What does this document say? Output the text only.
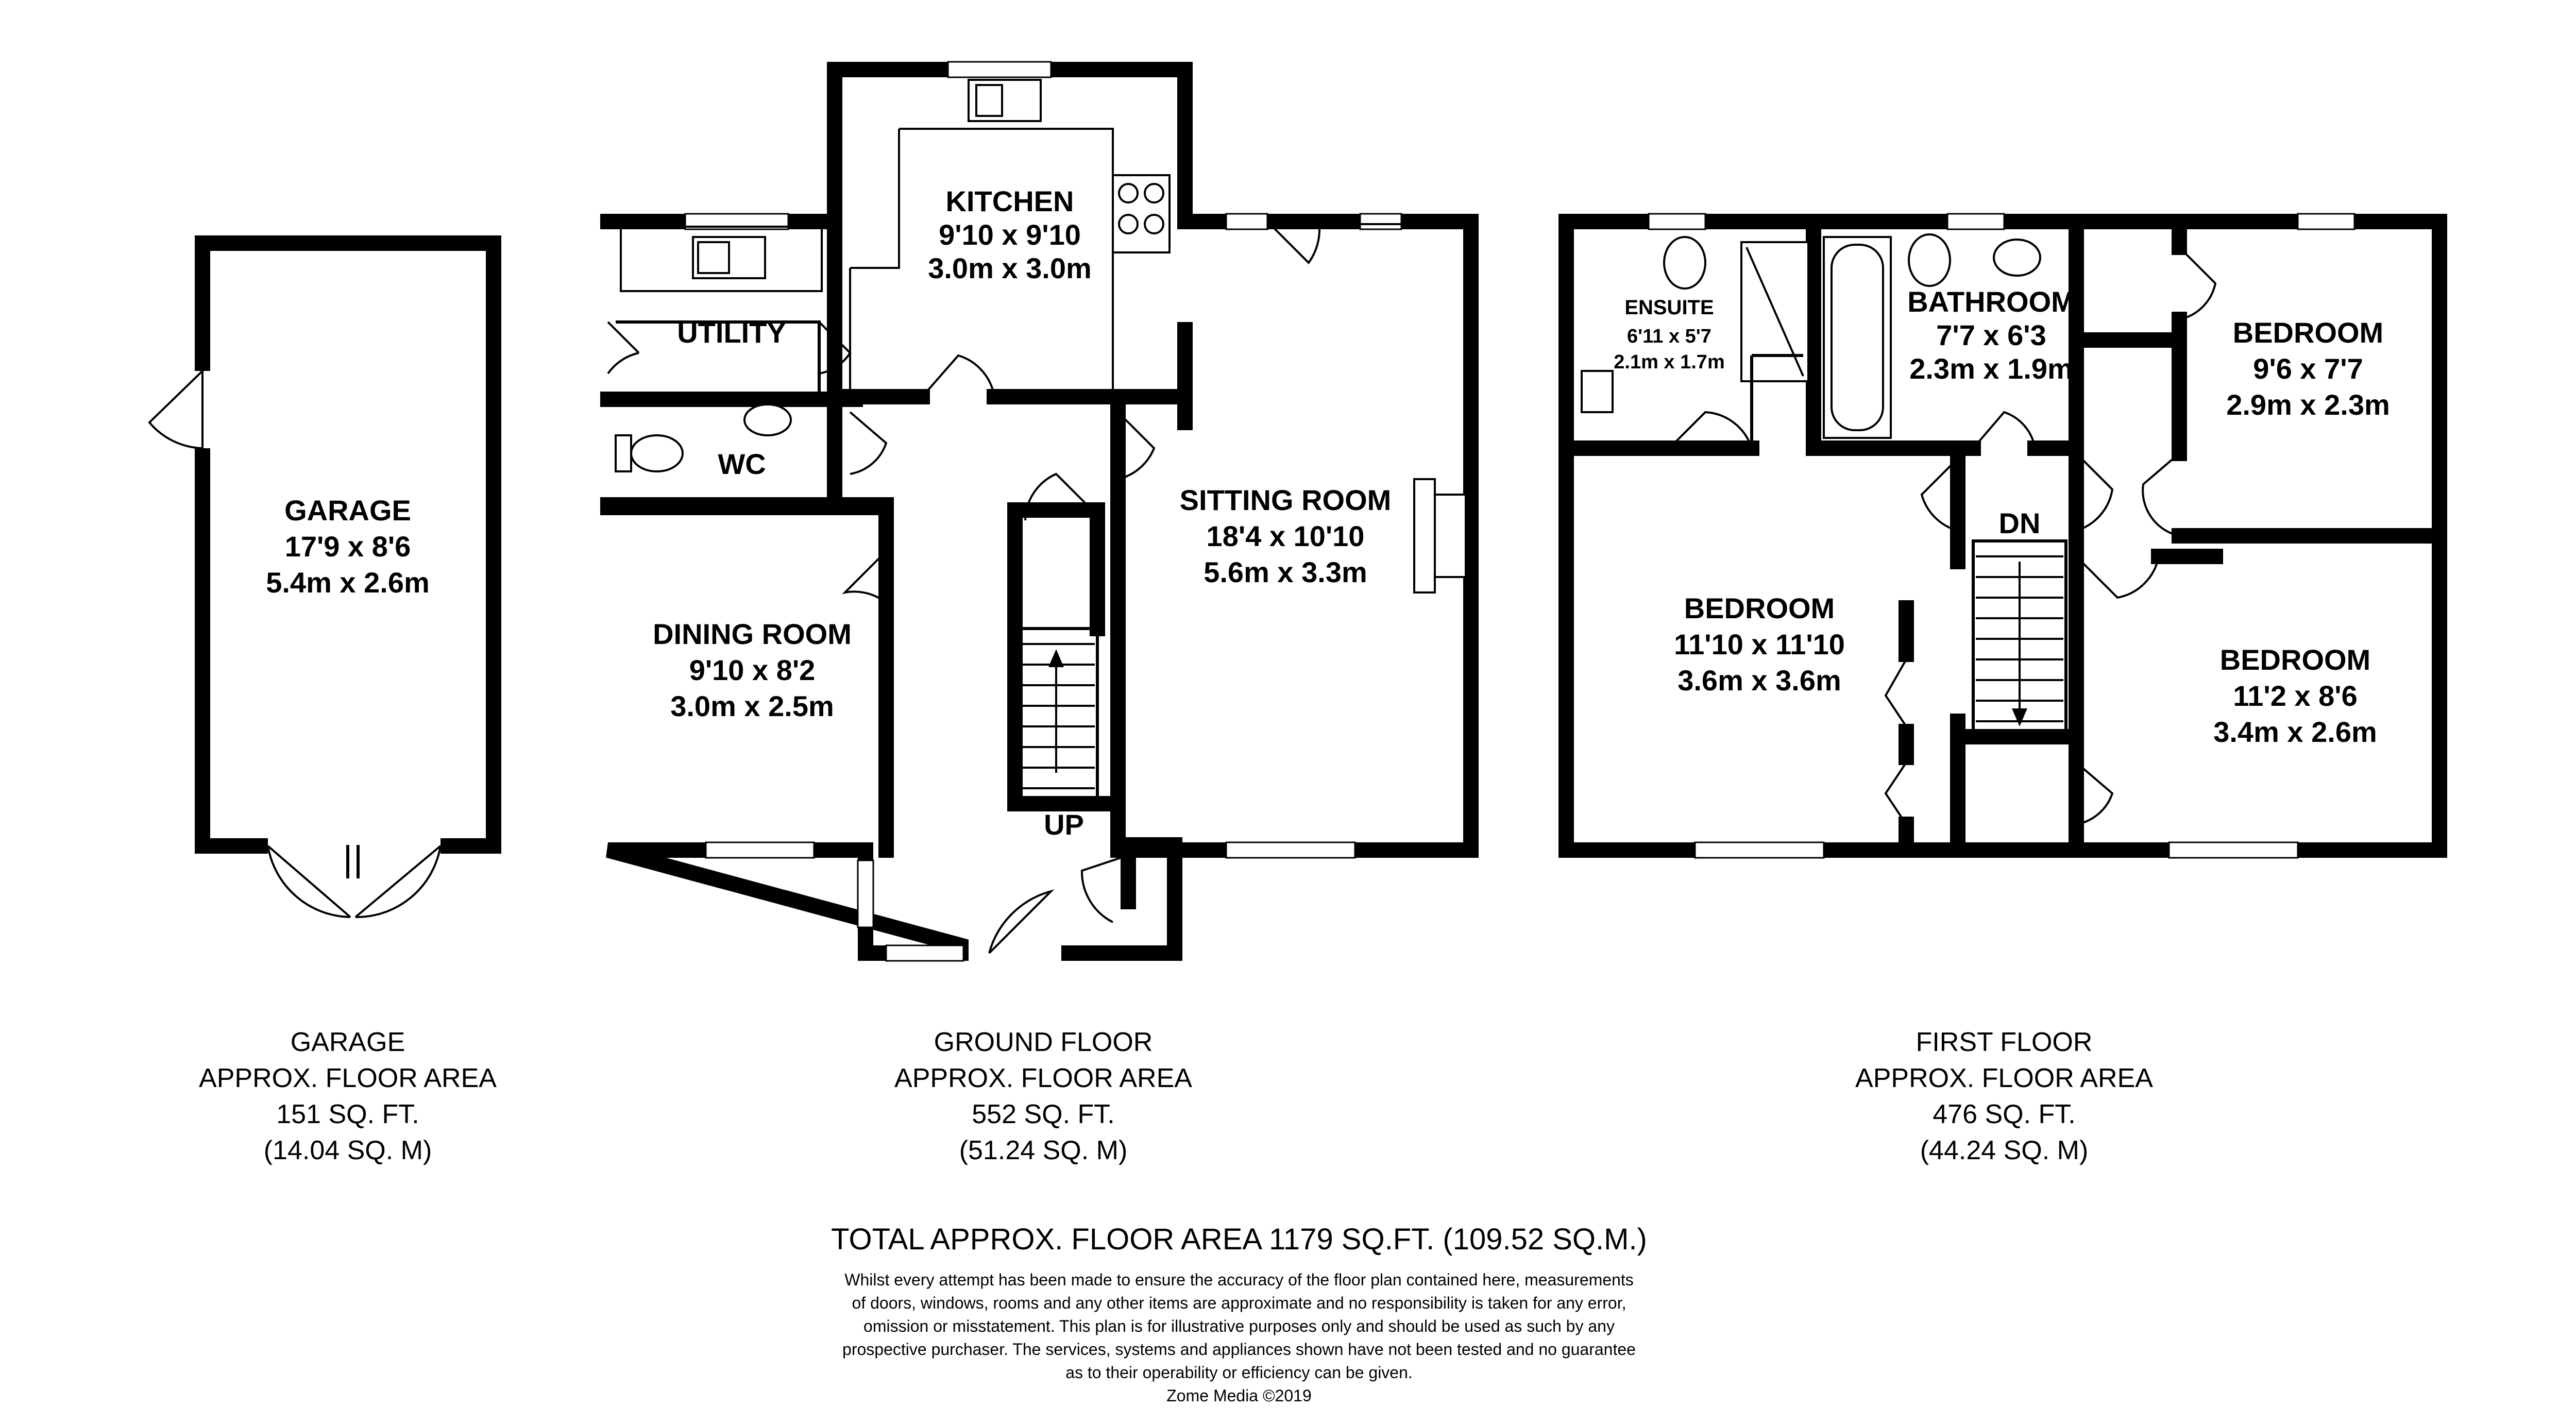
GARAGE
17'9 x 8'6
5.4m x 2.6m
KITCHEN
9'10 x 9'10
3.0m x 3.0m
UTILITY
WC
DINING ROOM
9'10 x 8'2
3.0m x 2.5m
SITTING ROOM
18'4 x 10'10
5.6m x 3.3m
UP
ENSUITE
6'11 x 5'7
2.1m x 1.7m
BATHROOM
7'7 x 6'3
2.3m x 1.9m
BEDROOM
9'6 x 7'7
2.9m x 2.3m
BEDROOM
11'10 x 11'10
3.6m x 3.6m
BEDROOM
11'2 x 8'6
3.4m x 2.6m
DN
GARAGE
APPROX. FLOOR AREA
151 SQ. FT.
(14.04 SQ. M)
GROUND FLOOR
APPROX. FLOOR AREA
552 SQ. FT.
(51.24 SQ. M)
FIRST FLOOR
APPROX. FLOOR AREA
476 SQ. FT.
(44.24 SQ. M)
TOTAL APPROX. FLOOR AREA 1179 SQ.FT. (109.52 SQ.M.)
Whilst every attempt has been made to ensure the accuracy of the floor plan contained here, measurements
of doors, windows, rooms and any other items are approximate and no responsibility is taken for any error,
omission or misstatement. This plan is for illustrative purposes only and should be used as such by any
prospective purchaser. The services, systems and appliances shown have not been tested and no guarantee
as to their operability or efficiency can be given.
Zome Media ©2019
